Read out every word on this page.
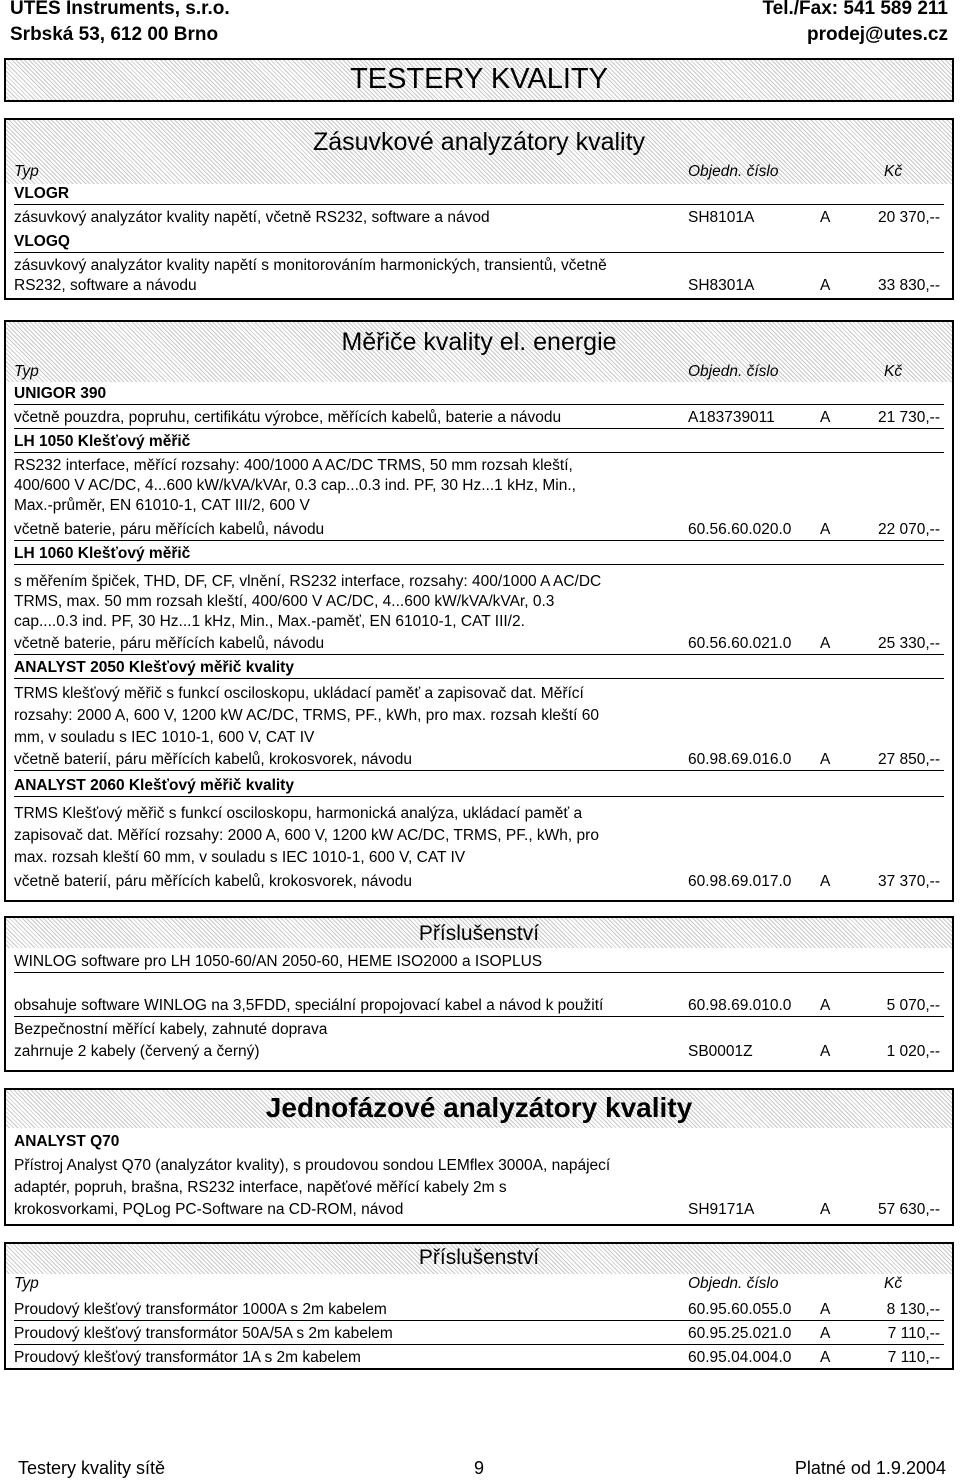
UTES Instruments, s.r.o.
Srbská 53, 612 00 Brno
Tel./Fax: 541 589 211
prodej@utes.cz
TESTERY KVALITY
Zásuvkové analyzátory kvality
Typ	Objedn. číslo	Kč
VLOGR
zásuvkový analyzátor kvality napětí, včetně RS232, software a návod	SH8101A	A	20 370,--
VLOGQ
zásuvkový analyzátor kvality napětí s monitorováním harmonických, transientů, včetně
RS232, software a návodu	SH8301A	A	33 830,--
Měřiče kvality el. energie
Typ	Objedn. číslo	Kč
UNIGOR 390
včetně pouzdra, popruhu, certifikátu výrobce, měřících kabelů, baterie a návodu	A183739011	A	21 730,--
LH 1050 Klešťový měřič
RS232 interface, měřící rozsahy: 400/1000 A AC/DC TRMS, 50 mm rozsah kleští,
400/600 V AC/DC, 4...600 kW/kVA/kVAr, 0.3 cap...0.3 ind. PF, 30 Hz...1 kHz, Min.,
Max.-průměr, EN 61010-1, CAT III/2, 600 V
včetně baterie, páru měřících kabelů, návodu	60.56.60.020.0 A	22 070,--
LH 1060 Klešťový měřič
s měřením špiček, THD, DF, CF, vlnění, RS232 interface, rozsahy: 400/1000 A AC/DC
TRMS, max. 50 mm rozsah kleští, 400/600 V AC/DC, 4...600 kW/kVA/kVAr, 0.3
cap....0.3 ind. PF, 30 Hz...1 kHz, Min., Max.-paměť, EN 61010-1, CAT III/2.
včetně baterie, páru měřících kabelů, návodu	60.56.60.021.0 A	25 330,--
ANALYST 2050 Klešťový měřič kvality
TRMS klešťový měřič s funkcí osciloskopu, ukládací paměť a zapisovač dat. Měřící
rozsahy: 2000 A, 600 V, 1200 kW AC/DC, TRMS, PF., kWh, pro max. rozsah kleští 60
mm, v souladu s IEC 1010-1, 600 V, CAT IV
včetně baterií, páru měřících kabelů, krokosvorek, návodu	60.98.69.016.0 A	27 850,--
ANALYST 2060 Klešťový měřič kvality
TRMS Klešťový měřič s funkcí osciloskopu, harmonická analýza, ukládací paměť a
zapisovač dat. Měřící rozsahy: 2000 A, 600 V, 1200 kW AC/DC, TRMS, PF., kWh, pro
max. rozsah kleští 60 mm, v souladu s IEC 1010-1, 600 V, CAT IV
včetně baterií, páru měřících kabelů, krokosvorek, návodu	60.98.69.017.0 A	37 370,--
Příslušenství
WINLOG software pro LH 1050-60/AN 2050-60, HEME ISO2000 a ISOPLUS
obsahuje software WINLOG na 3,5FDD, speciální propojovací kabel a návod k použití	60.98.69.010.0 A	5 070,--
Bezpečnostní měřící kabely, zahnuté doprava
zahrnuje 2 kabely (červený a černý)	SB0001Z	A	1 020,--
Jednofázové analyzátory kvality
ANALYST Q70
Přístroj Analyst Q70 (analyzátor kvality), s proudovou sondou LEMflex 3000A, napájecí
adaptér, popruh, brašna, RS232 interface, napěťové měřící kabely 2m s
krokosvorkami, PQLog PC-Software na CD-ROM, návod	SH9171A	A	57 630,--
Příslušenství
Typ	Objedn. číslo	Kč
Proudový klešťový transformátor 1000A s 2m kabelem	60.95.60.055.0 A	8 130,--
Proudový klešťový transformátor 50A/5A s 2m kabelem	60.95.25.021.0 A	7 110,--
Proudový klešťový transformátor 1A s 2m kabelem	60.95.04.004.0 A	7 110,--
Testery kvality sítě	9	Platné od 1.9.2004
